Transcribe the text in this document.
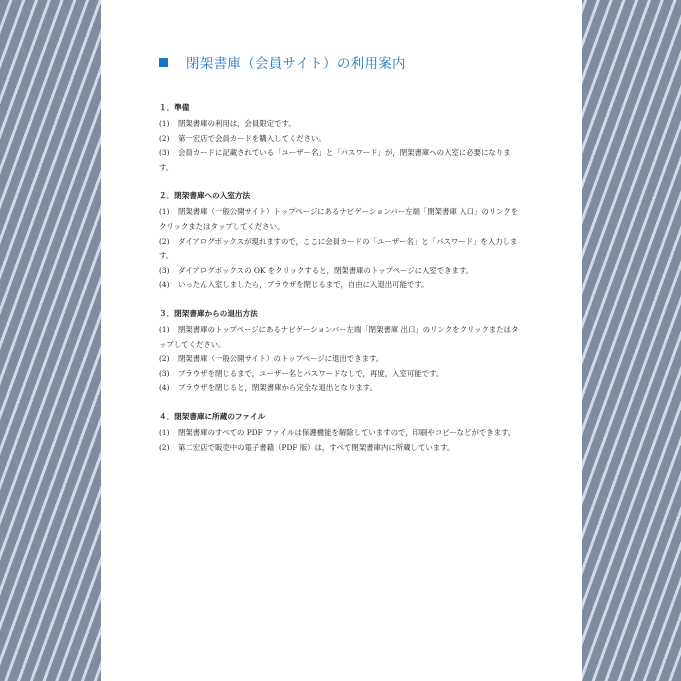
閉架書庫（会員サイト）の利用案内
１．準備

(1) 閉架書庫の利用は，会員限定です。

(2) 第一宏店で会員カードを購入してください。

(3) 会員カードに記載されている「ユーザー名」と「パスワード」が，閉架書庫への入室に必要になります。

２．閉架書庫への入室方法

(1) 閉架書庫（一般公開サイト）トップページにあるナビゲーションバー左端「閉架書庫 入口」のリンクをクリックまたはタップしてください。

(2) ダイアログボックスが現れますので，ここに会員カードの「ユーザー名」と「パスワード」を入力します。

(3) ダイアログボックスの OK をクリックすると，閉架書庫のトップページに入室できます。

(4) いったん入室しましたら，ブラウザを閉じるまで，自由に入退出可能です。

３．閉架書庫からの退出方法

(1) 閉架書庫のトップページにあるナビゲーションバー左端「閉架書庫 出口」のリンクをクリックまたはタップしてください。

(2) 閉架書庫（一般公開サイト）のトップページに退出できます。

(3) ブラウザを閉じるまで，ユーザー名とパスワードなしで，再度，入室可能です。

(4) ブラウザを閉じると，閉架書庫から完全な退出となります。

４．閉架書庫に所蔵のファイル

(1) 閉架書庫のすべての PDF ファイルは保護機能を解除していますので，印刷やコピーなどができます。

(2) 第二宏店で販売中の電子書籍（PDF 版）は，すべて閉架書庫内に所蔵しています。
